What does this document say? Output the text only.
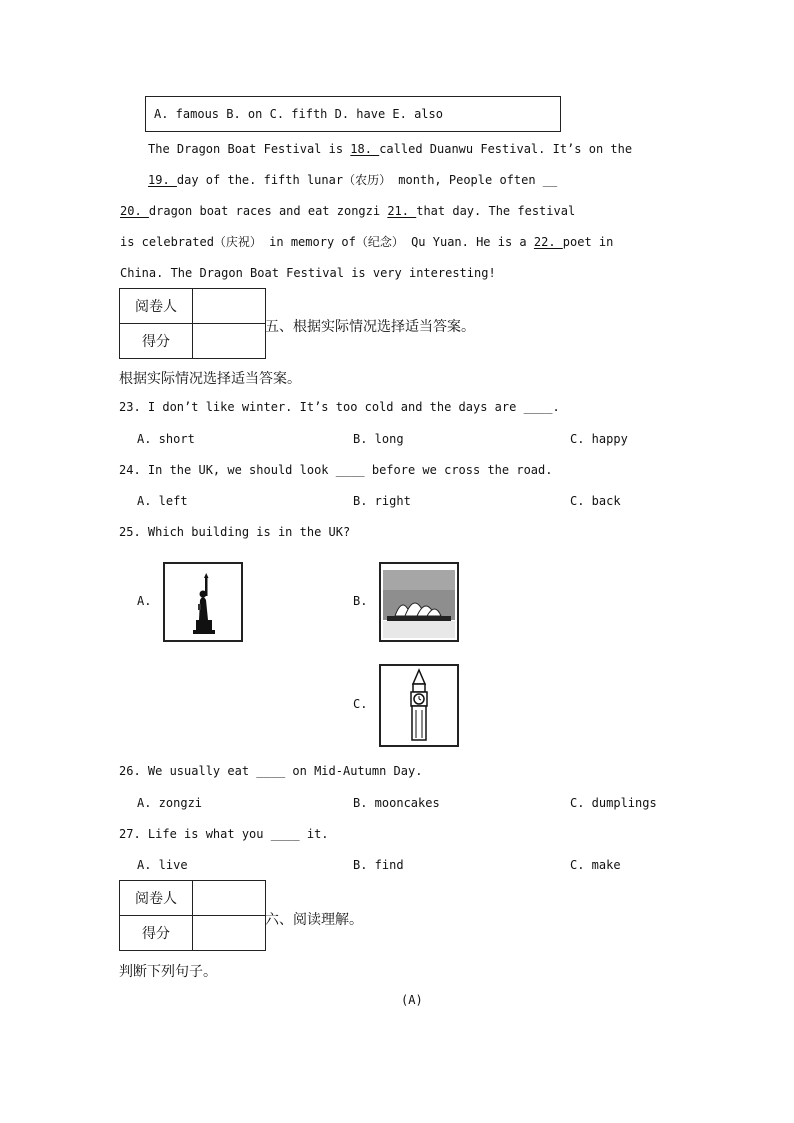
A. famous B. on C. fifth D. have E. also
The Dragon Boat Festival is 18. called Duanwu Festival. It’s on the
19. day of the. fifth lunar（农历） month, People often __
20. dragon boat races and eat zongzi 21. that day. The festival
is celebrated（庆祝） in memory of（纪念） Qu Yuan. He is a 22. poet in
China. The Dragon Boat Festival is very interesting!
阅卷人	
得分	
五、根据实际情况选择适当答案。
根据实际情况选择适当答案。
23. I don’t like winter. It’s too cold and the days are ____.
A. short	B. long	C. happy
24. In the UK, we should look ____ before we cross the road.
A. left	B. right	C. back
25. Which building is in the UK?
A.	B.
C.
26. We usually eat ____ on Mid-Autumn Day.
A. zongzi	B. mooncakes	C. dumplings
27. Life is what you ____ it.
A. live	B. find	C. make
阅卷人	
得分	
六、阅读理解。
判断下列句子。
(A)
